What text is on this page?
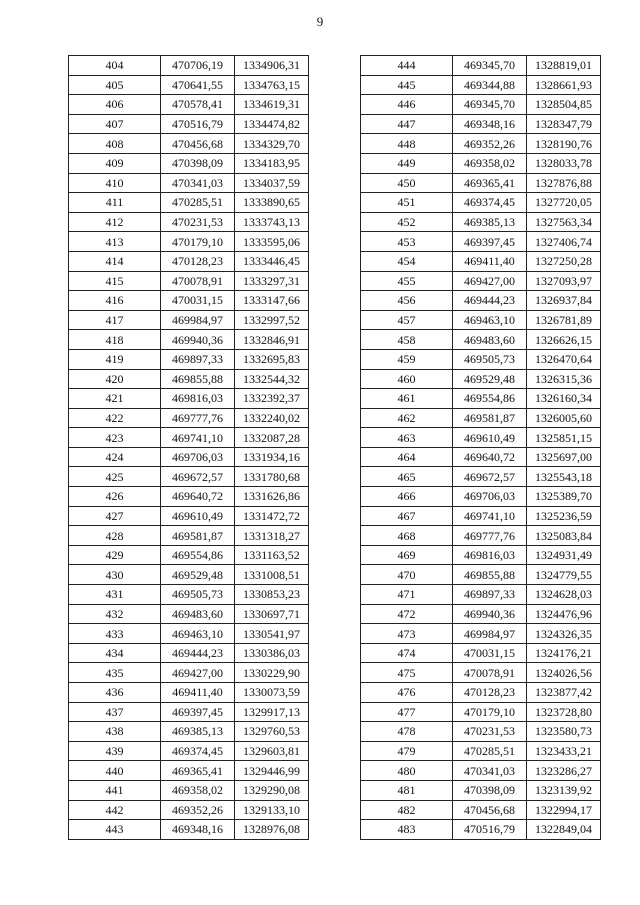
9
404	470706,19	1334906,31
405	470641,55	1334763,15
406	470578,41	1334619,31
407	470516,79	1334474,82
408	470456,68	1334329,70
409	470398,09	1334183,95
410	470341,03	1334037,59
411	470285,51	1333890,65
412	470231,53	1333743,13
413	470179,10	1333595,06
414	470128,23	1333446,45
415	470078,91	1333297,31
416	470031,15	1333147,66
417	469984,97	1332997,52
418	469940,36	1332846,91
419	469897,33	1332695,83
420	469855,88	1332544,32
421	469816,03	1332392,37
422	469777,76	1332240,02
423	469741,10	1332087,28
424	469706,03	1331934,16
425	469672,57	1331780,68
426	469640,72	1331626,86
427	469610,49	1331472,72
428	469581,87	1331318,27
429	469554,86	1331163,52
430	469529,48	1331008,51
431	469505,73	1330853,23
432	469483,60	1330697,71
433	469463,10	1330541,97
434	469444,23	1330386,03
435	469427,00	1330229,90
436	469411,40	1330073,59
437	469397,45	1329917,13
438	469385,13	1329760,53
439	469374,45	1329603,81
440	469365,41	1329446,99
441	469358,02	1329290,08
442	469352,26	1329133,10
443	469348,16	1328976,08
444	469345,70	1328819,01
445	469344,88	1328661,93
446	469345,70	1328504,85
447	469348,16	1328347,79
448	469352,26	1328190,76
449	469358,02	1328033,78
450	469365,41	1327876,88
451	469374,45	1327720,05
452	469385,13	1327563,34
453	469397,45	1327406,74
454	469411,40	1327250,28
455	469427,00	1327093,97
456	469444,23	1326937,84
457	469463,10	1326781,89
458	469483,60	1326626,15
459	469505,73	1326470,64
460	469529,48	1326315,36
461	469554,86	1326160,34
462	469581,87	1326005,60
463	469610,49	1325851,15
464	469640,72	1325697,00
465	469672,57	1325543,18
466	469706,03	1325389,70
467	469741,10	1325236,59
468	469777,76	1325083,84
469	469816,03	1324931,49
470	469855,88	1324779,55
471	469897,33	1324628,03
472	469940,36	1324476,96
473	469984,97	1324326,35
474	470031,15	1324176,21
475	470078,91	1324026,56
476	470128,23	1323877,42
477	470179,10	1323728,80
478	470231,53	1323580,73
479	470285,51	1323433,21
480	470341,03	1323286,27
481	470398,09	1323139,92
482	470456,68	1322994,17
483	470516,79	1322849,04
